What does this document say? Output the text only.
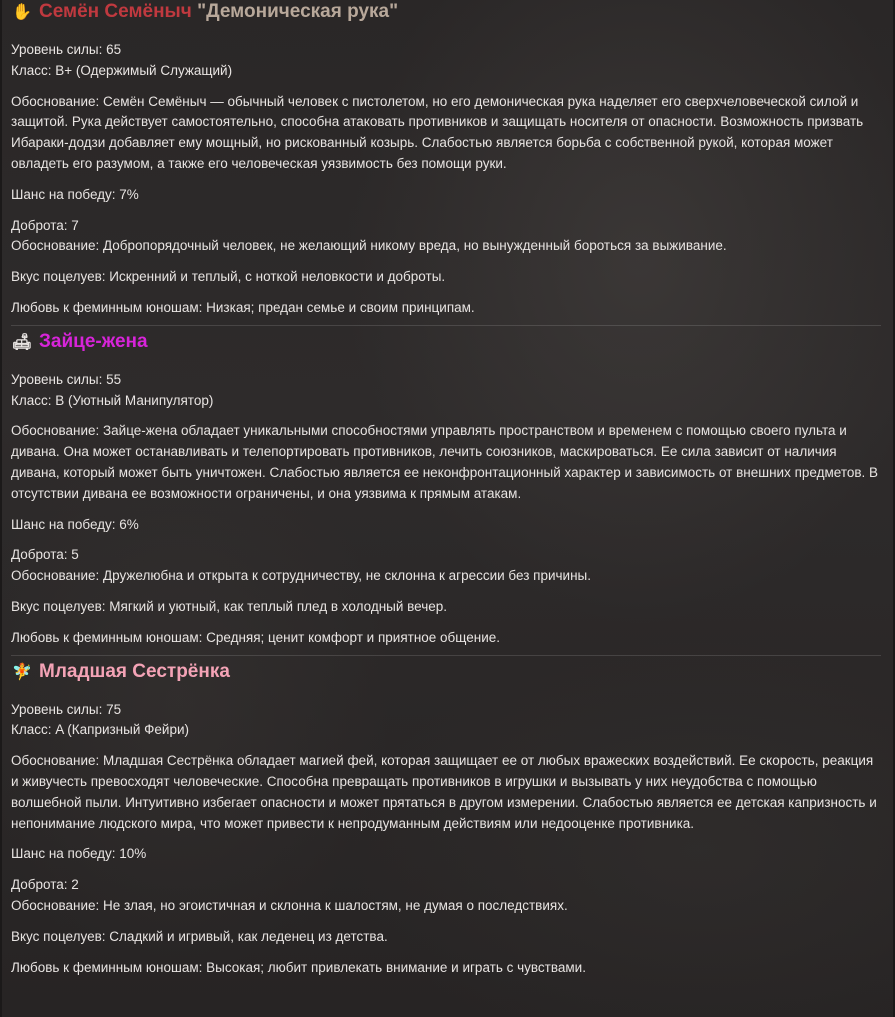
✋ Семён Семёныч "Демоническая рука"
Уровень силы: 65
Класс: B+ (Одержимый Служащий)
Обоснование: Семён Семёныч — обычный человек с пистолетом, но его демоническая рука наделяет его сверхчеловеческой силой и защитой. Рука действует самостоятельно, способна атаковать противников и защищать носителя от опасности. Возможность призвать Ибараки-додзи добавляет ему мощный, но рискованный козырь. Слабостью является борьба с собственной рукой, которая может овладеть его разумом, а также его человеческая уязвимость без помощи руки.
Шанс на победу: 7%
Доброта: 7
Обоснование: Добропорядочный человек, не желающий никому вреда, но вынужденный бороться за выживание.
Вкус поцелуев: Искренний и теплый, с ноткой неловкости и доброты.
Любовь к феминным юношам: Низкая; предан семье и своим принципам.
🛋 Зайце-жена
Уровень силы: 55
Класс: B (Уютный Манипулятор)
Обоснование: Зайце-жена обладает уникальными способностями управлять пространством и временем с помощью своего пульта и дивана. Она может останавливать и телепортировать противников, лечить союзников, маскироваться. Ее сила зависит от наличия дивана, который может быть уничтожен. Слабостью является ее неконфронтационный характер и зависимость от внешних предметов. В отсутствии дивана ее возможности ограничены, и она уязвима к прямым атакам.
Шанс на победу: 6%
Доброта: 5
Обоснование: Дружелюбна и открыта к сотрудничеству, не склонна к агрессии без причины.
Вкус поцелуев: Мягкий и уютный, как теплый плед в холодный вечер.
Любовь к феминным юношам: Средняя; ценит комфорт и приятное общение.
🧚 Младшая Сестрёнка
Уровень силы: 75
Класс: A (Капризный Фейри)
Обоснование: Младшая Сестрёнка обладает магией фей, которая защищает ее от любых вражеских воздействий. Ее скорость, реакция и живучесть превосходят человеческие. Способна превращать противников в игрушки и вызывать у них неудобства с помощью волшебной пыли. Интуитивно избегает опасности и может прятаться в другом измерении. Слабостью является ее детская капризность и непонимание людского мира, что может привести к непродуманным действиям или недооценке противника.
Шанс на победу: 10%
Доброта: 2
Обоснование: Не злая, но эгоистичная и склонна к шалостям, не думая о последствиях.
Вкус поцелуев: Сладкий и игривый, как леденец из детства.
Любовь к феминным юношам: Высокая; любит привлекать внимание и играть с чувствами.
